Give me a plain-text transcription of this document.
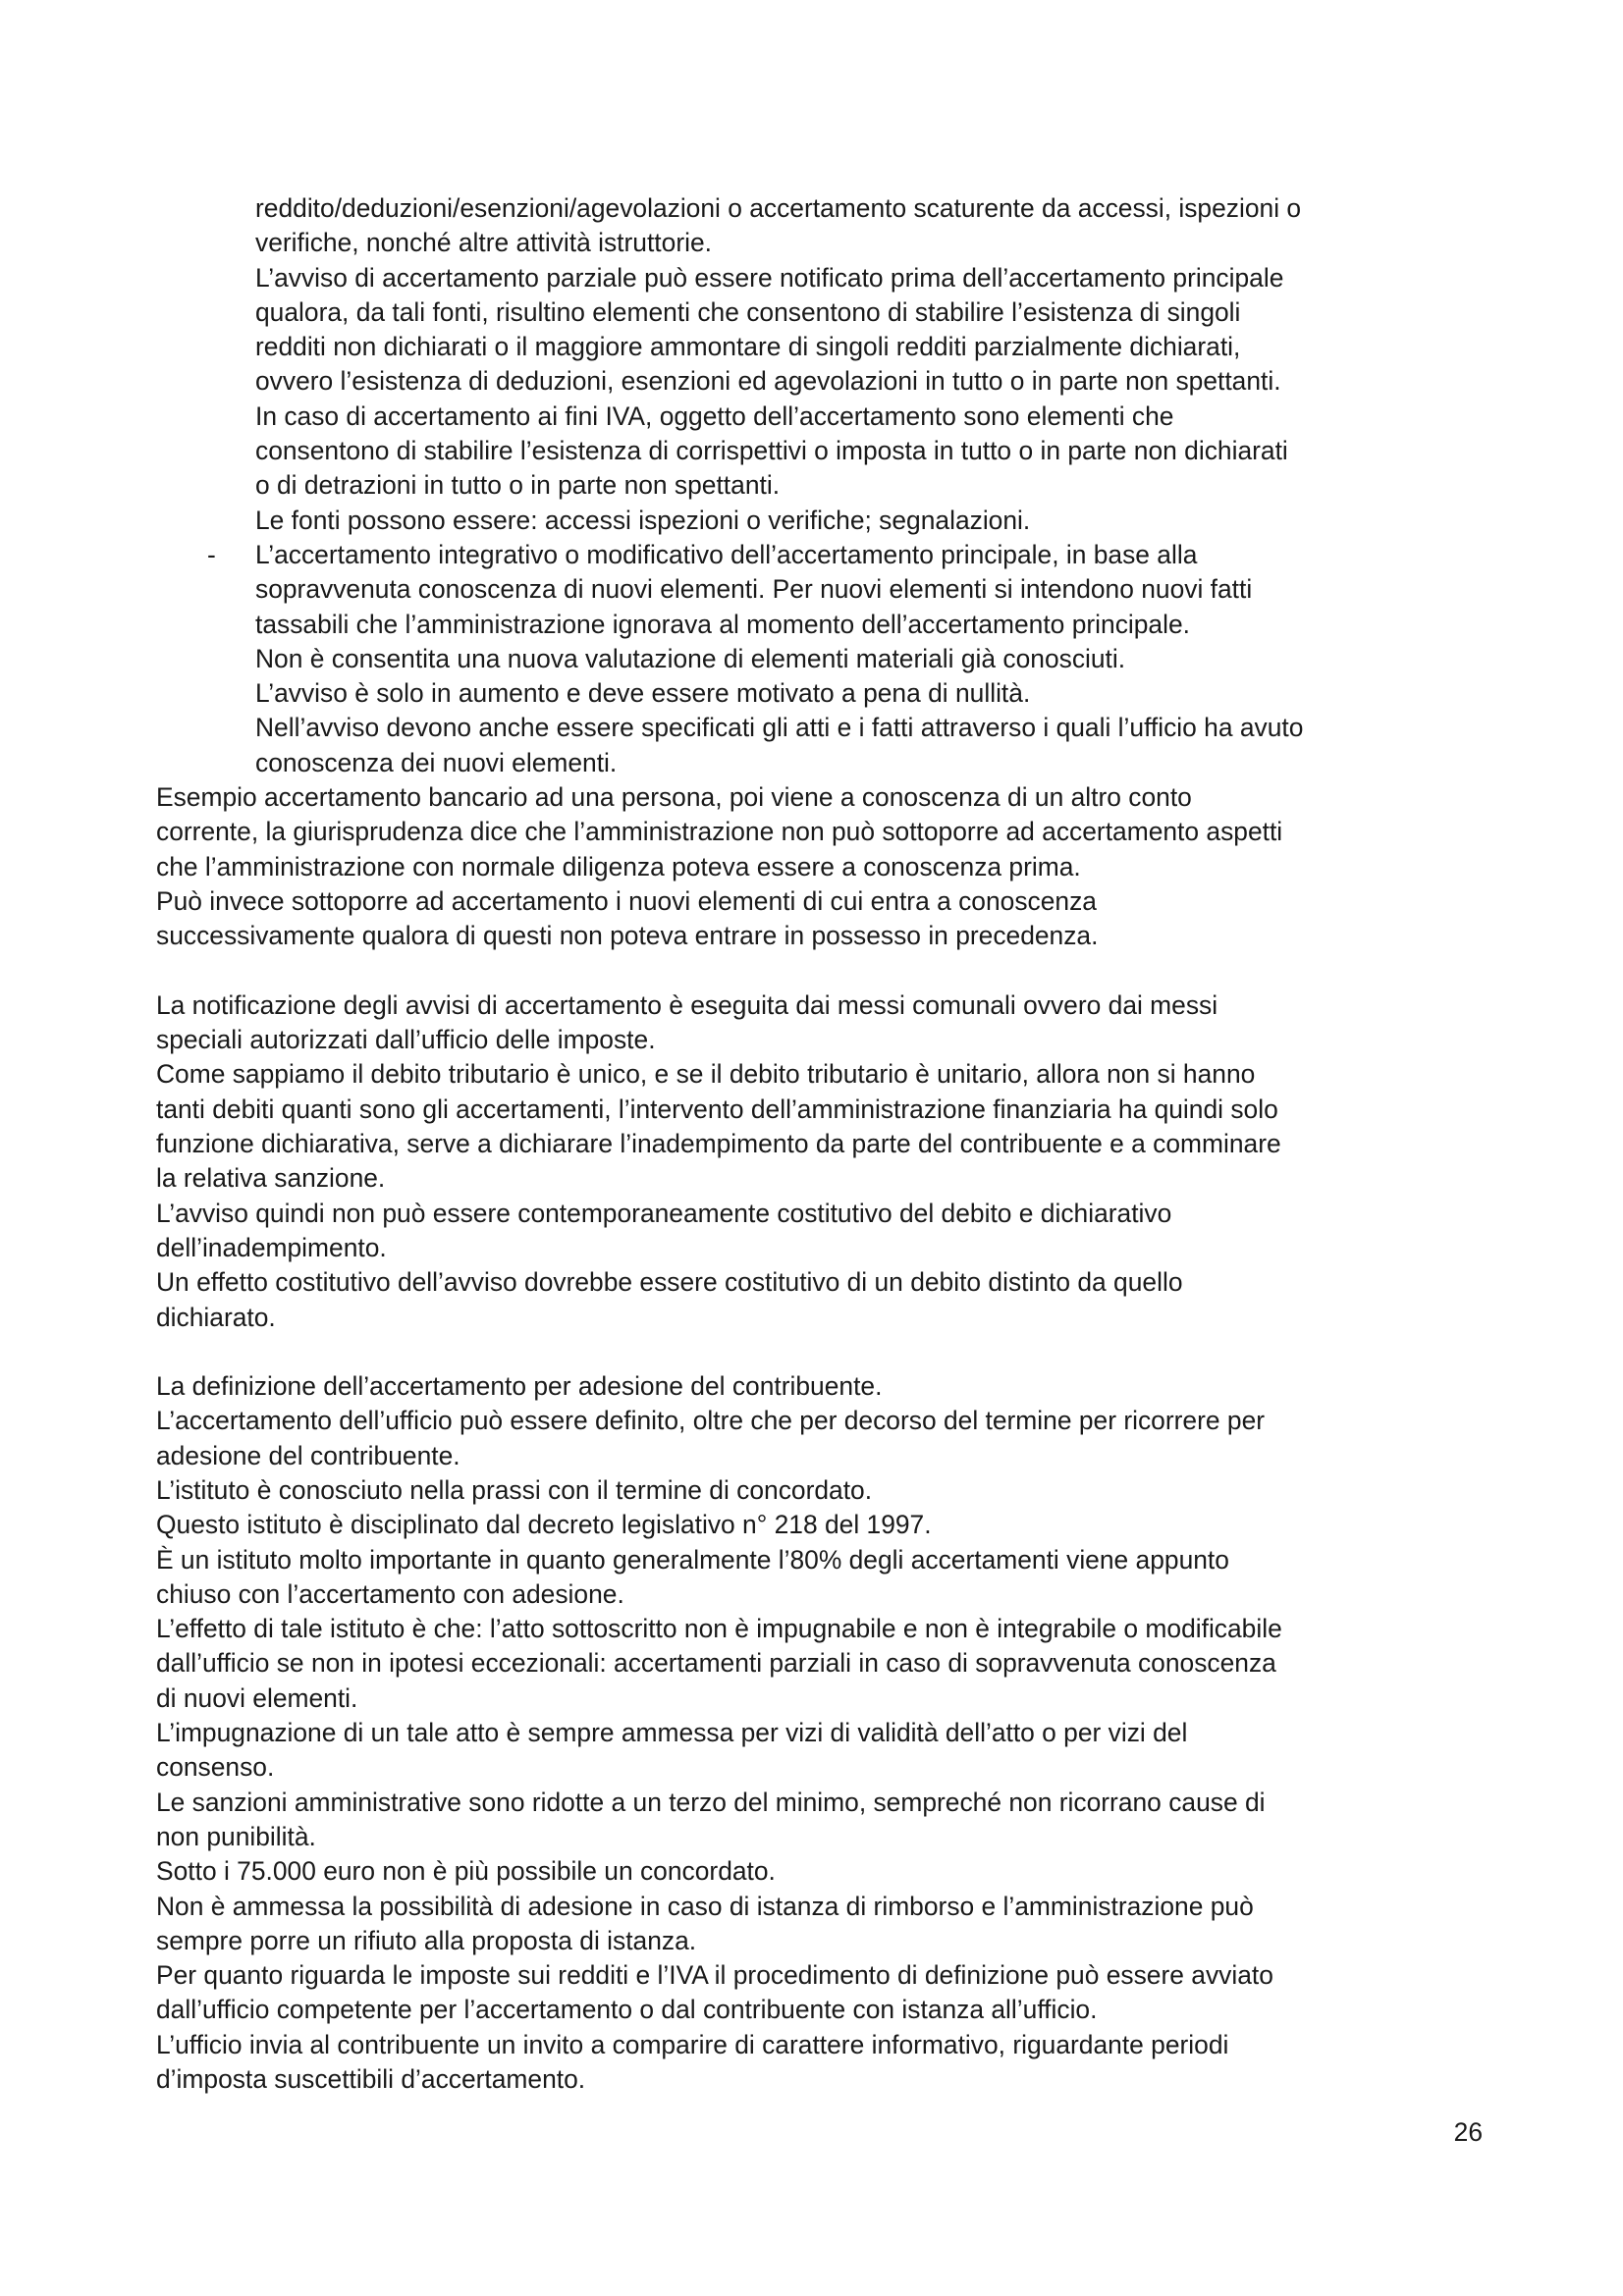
reddito/deduzioni/esenzioni/agevolazioni o accertamento scaturente da accessi, ispezioni o
verifiche, nonché altre attività istruttorie.
L’avviso di accertamento parziale può essere notificato prima dell’accertamento principale
qualora, da tali fonti, risultino elementi che consentono di stabilire l’esistenza di singoli
redditi non dichiarati o il maggiore ammontare di singoli redditi parzialmente dichiarati,
ovvero l’esistenza di deduzioni, esenzioni ed agevolazioni in tutto o in parte non spettanti.
In caso di accertamento ai fini IVA, oggetto dell’accertamento sono elementi che
consentono di stabilire l’esistenza di corrispettivi o imposta in tutto o in parte non dichiarati
o di detrazioni in tutto o in parte non spettanti.
Le fonti possono essere: accessi ispezioni o verifiche; segnalazioni.
- L’accertamento integrativo o modificativo dell’accertamento principale, in base alla
sopravvenuta conoscenza di nuovi elementi. Per nuovi elementi si intendono nuovi fatti
tassabili che l’amministrazione ignorava al momento dell’accertamento principale.
Non è consentita una nuova valutazione di elementi materiali già conosciuti.
L’avviso è solo in aumento e deve essere motivato a pena di nullità.
Nell’avviso devono anche essere specificati gli atti e i fatti attraverso i quali l’ufficio ha avuto
conoscenza dei nuovi elementi.
Esempio accertamento bancario ad una persona, poi viene a conoscenza di un altro conto
corrente, la giurisprudenza dice che l’amministrazione non può sottoporre ad accertamento aspetti
che l’amministrazione con normale diligenza poteva essere a conoscenza prima.
Può invece sottoporre ad accertamento i nuovi elementi di cui entra a conoscenza
successivamente qualora di questi non poteva entrare in possesso in precedenza.
La notificazione degli avvisi di accertamento è eseguita dai messi comunali ovvero dai messi
speciali autorizzati dall’ufficio delle imposte.
Come sappiamo il debito tributario è unico, e se il debito tributario è unitario, allora non si hanno
tanti debiti quanti sono gli accertamenti, l’intervento dell’amministrazione finanziaria ha quindi solo
funzione dichiarativa, serve a dichiarare l’inadempimento da parte del contribuente e a comminare
la relativa sanzione.
L’avviso quindi non può essere contemporaneamente costitutivo del debito e dichiarativo
dell’inadempimento.
Un effetto costitutivo dell’avviso dovrebbe essere costitutivo di un debito distinto da quello
dichiarato.
La definizione dell’accertamento per adesione del contribuente.
L’accertamento dell’ufficio può essere definito, oltre che per decorso del termine per ricorrere per
adesione del contribuente.
L’istituto è conosciuto nella prassi con il termine di concordato.
Questo istituto è disciplinato dal decreto legislativo n° 218 del 1997.
È un istituto molto importante in quanto generalmente l’80% degli accertamenti viene appunto
chiuso con l’accertamento con adesione.
L’effetto di tale istituto è che: l’atto sottoscritto non è impugnabile e non è integrabile o modificabile
dall’ufficio se non in ipotesi eccezionali: accertamenti parziali in caso di sopravvenuta conoscenza
di nuovi elementi.
L’impugnazione di un tale atto è sempre ammessa per vizi di validità dell’atto o per vizi del
consenso.
Le sanzioni amministrative sono ridotte a un terzo del minimo, sempreché non ricorrano cause di
non punibilità.
Sotto i 75.000 euro non è più possibile un concordato.
Non è ammessa la possibilità di adesione in caso di istanza di rimborso e l’amministrazione può
sempre porre un rifiuto alla proposta di istanza.
Per quanto riguarda le imposte sui redditi e l’IVA il procedimento di definizione può essere avviato
dall’ufficio competente per l’accertamento o dal contribuente con istanza all’ufficio.
L’ufficio invia al contribuente un invito a comparire di carattere informativo, riguardante periodi
d’imposta suscettibili d’accertamento.
26
